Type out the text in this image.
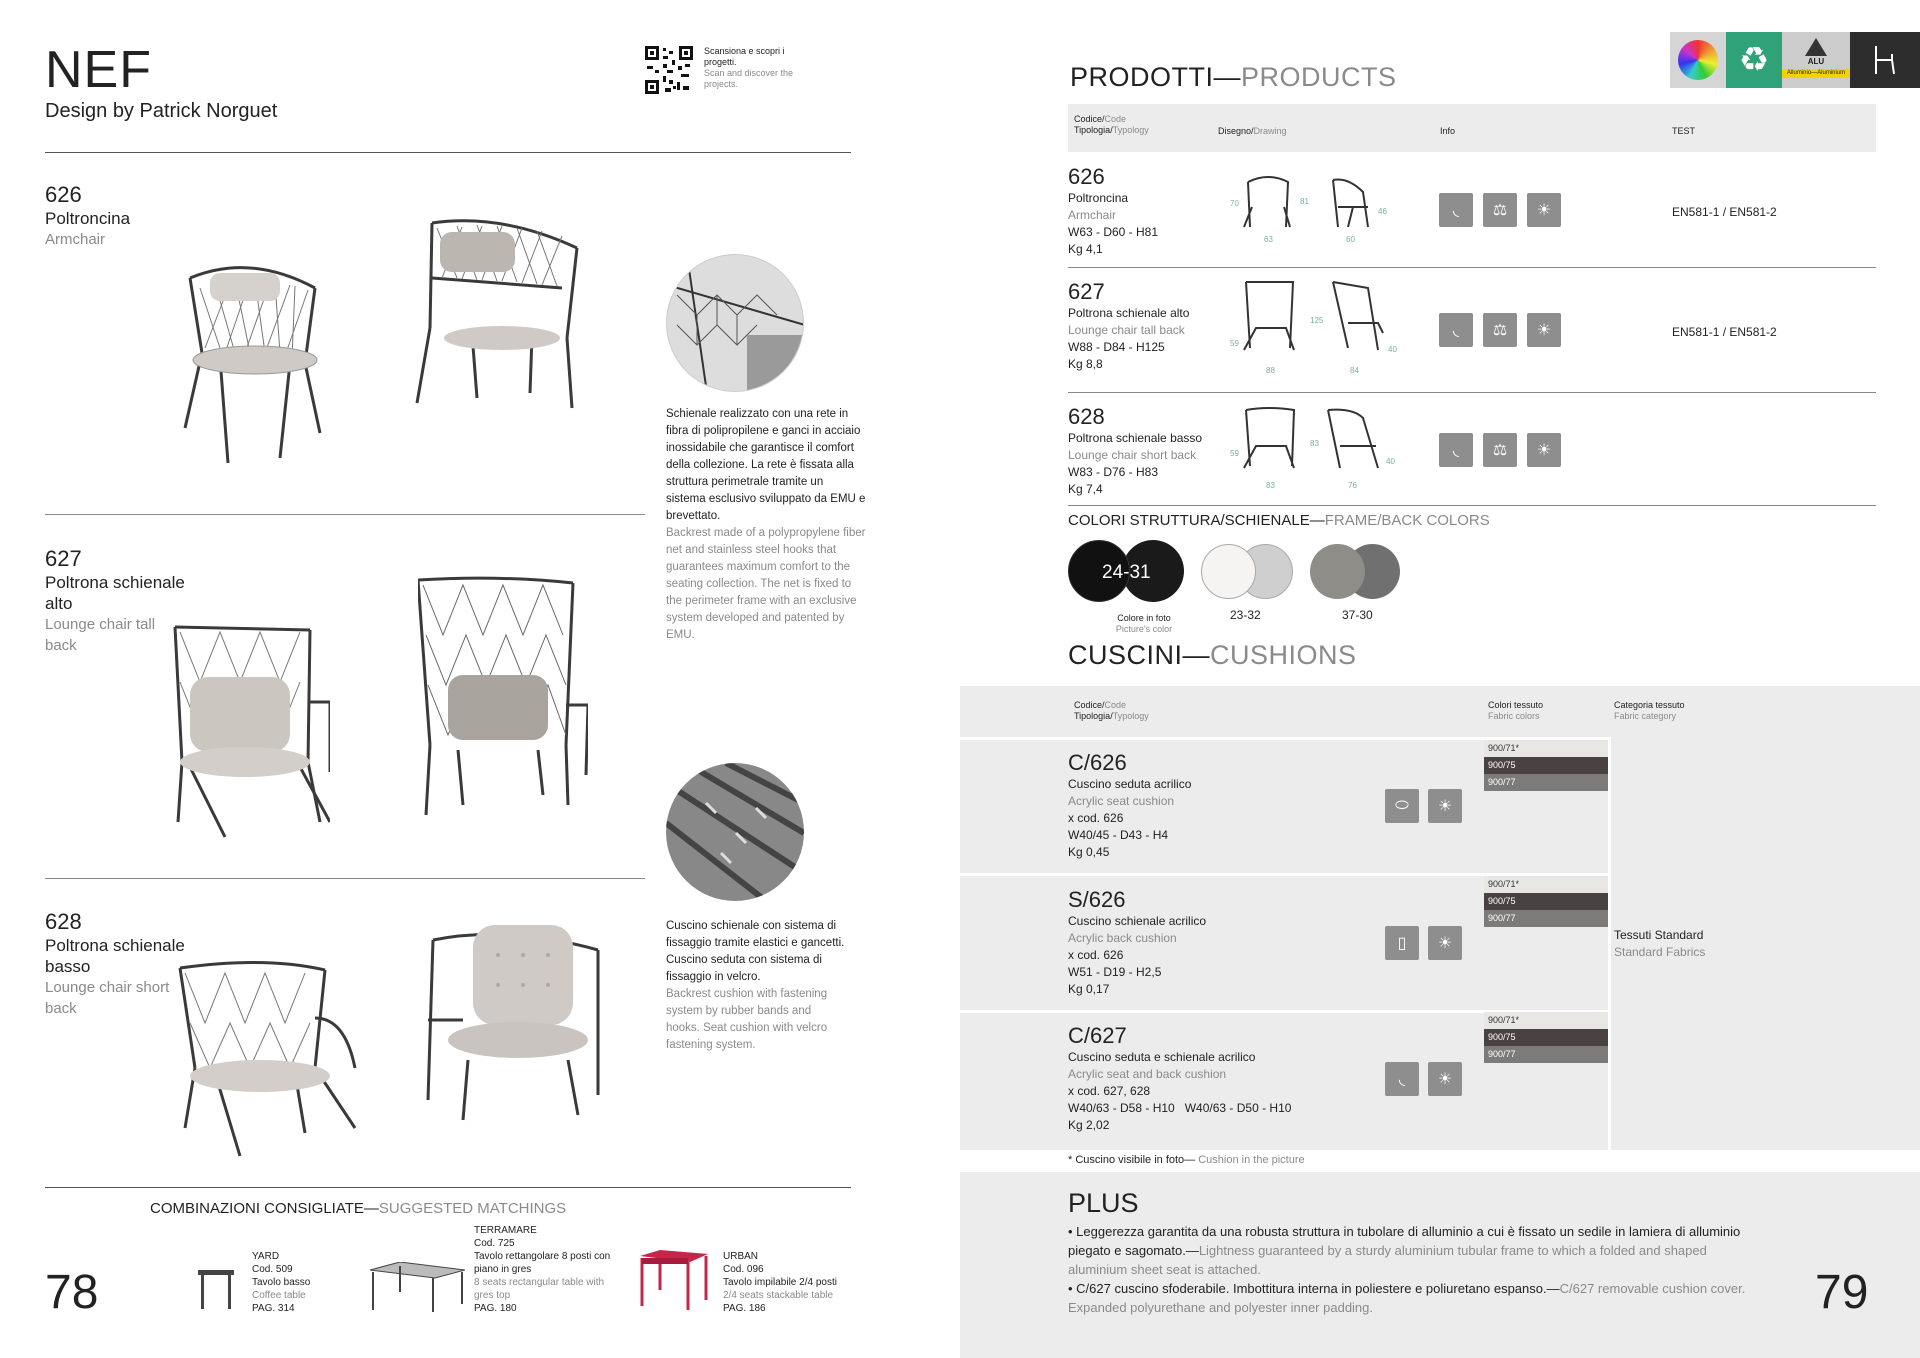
NEF
Design by Patrick Norguet
Scansiona e scopri i progetti.
Scan and discover the projects.
626
Poltroncina
Armchair
Schienale realizzato con una rete in fibra di polipropilene e ganci in acciaio inossidabile che garantisce il comfort della collezione. La rete è fissata alla struttura perimetrale tramite un sistema esclusivo sviluppato da EMU e brevettato.
Backrest made of a polypropylene fiber net and stainless steel hooks that guarantees maximum comfort to the seating collection. The net is fixed to the perimeter frame with an exclusive system developed and patented by EMU.
627
Poltrona schienale alto
Lounge chair tall back
Cuscino schienale con sistema di fissaggio tramite elastici e gancetti. Cuscino seduta con sistema di fissaggio in velcro.
Backrest cushion with fastening system by rubber bands and hooks. Seat cushion with velcro fastening system.
628
Poltrona schienale basso
Lounge chair short back
COMBINAZIONI CONSIGLIATE—SUGGESTED MATCHINGS
YARD
Cod. 509
Tavolo basso
Coffee table
PAG. 314
TERRAMARE
Cod. 725
Tavolo rettangolare 8 posti con piano in gres
8 seats rectangular table with gres top
PAG. 180
URBAN
Cod. 096
Tavolo impilabile 2/4 posti
2/4 seats stackable table
PAG. 186
78
PRODOTTI—PRODUCTS	♻	ALU
Alluminio—Aluminium
Codice/Code
Tipologia/Typology	Disegno/Drawing	Info	TEST
626
Poltroncina
Armchair
W63 - D60 - H81
Kg 4,1
70
63
81
46
60
◟	⚖	☀	EN581-1 / EN581-2
627
Poltrona schienale alto
Lounge chair tall back
W88 - D84 - H125
Kg 8,8
59
88
125
40
84
◟	⚖	☀	EN581-1 / EN581-2
628
Poltrona schienale basso
Lounge chair short back
W83 - D76 - H83
Kg 7,4
59
83
83
40
76
◟	⚖	☀
COLORI STRUTTURA/SCHIENALE—FRAME/BACK COLORS
24-31
Colore in foto
Picture's color
23-32	37-30
CUSCINI—CUSHIONS
Codice/Code
Tipologia/Typology
Colori tessuto
Fabric colors
Categoria tessuto
Fabric category
C/626
Cuscino seduta acrilico
Acrylic seat cushion
x cod. 626
W40/45 - D43 - H4
Kg 0,45
⬭	☀
900/71*
900/75
900/77
S/626
Cuscino schienale acrilico
Acrylic back cushion
x cod. 626
W51 - D19 - H2,5
Kg 0,17
▯	☀
900/71*
900/75
900/77
Tessuti Standard
Standard Fabrics
C/627
Cuscino seduta e schienale acrilico
Acrylic seat and back cushion
x cod. 627, 628
W40/63 - D58 - H10   W40/63 - D50 - H10
Kg 2,02
◟	☀
900/71*
900/75
900/77
* Cuscino visibile in foto— Cushion in the picture
PLUS
• Leggerezza garantita da una robusta struttura in tubolare di alluminio a cui è fissato un sedile in lamiera di alluminio piegato e sagomato.—Lightness guaranteed by a sturdy aluminium tubular frame to which a folded and shaped aluminium sheet seat is attached.
• C/627 cuscino sfoderabile. Imbottitura interna in poliestere e poliuretano espanso.—C/627 removable cushion cover. Expanded polyurethane and polyester inner padding.	79
